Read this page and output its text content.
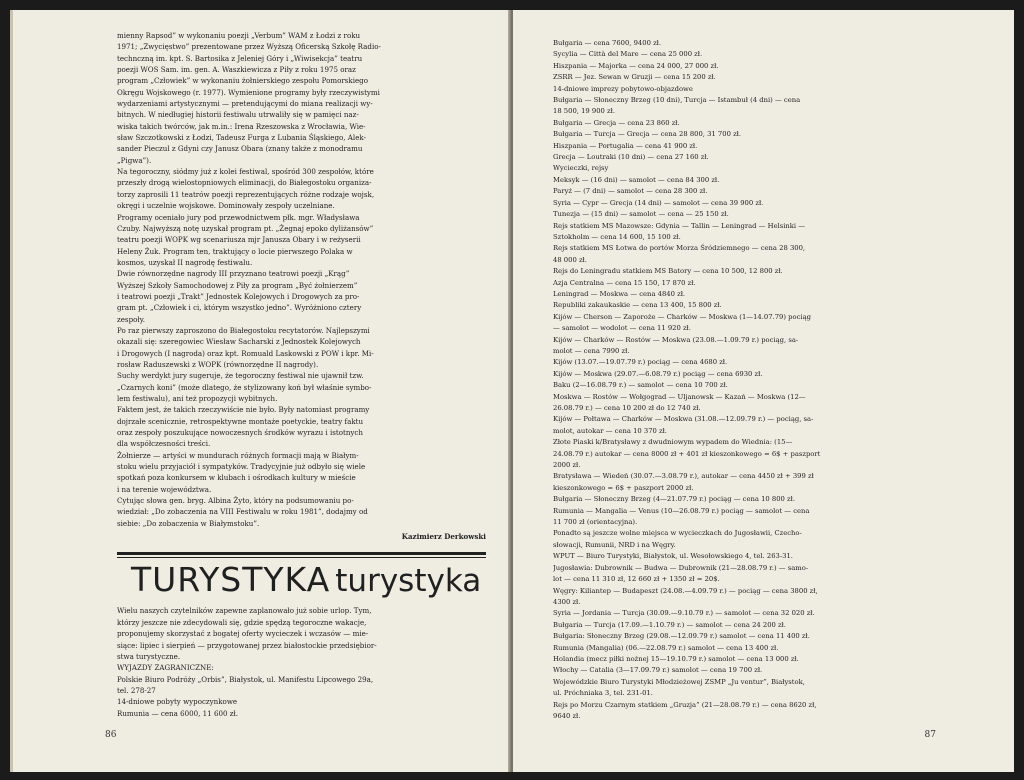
mienny Rapsod” w wykonaniu poezji „Verbum” WAM z Łodzi z roku
1971; „Zwycięstwo” prezentowane przez Wyższą Oficerską Szkołę Radio-
technczną im. kpt. S. Bartosika z Jeleniej Góry i „Wiwisekcja” teatru
poezji WOS Sam. im. gen. A. Waszkiewicza z Piły z roku 1975 oraz
program „Człowiek” w wykonaniu żołnierskiego zespołu Pomorskiego
Okręgu Wojskowego (r. 1977). Wymienione programy były rzeczywistymi
wydarzeniami artystycznymi — pretendującymi do miana realizacji wy-
bitnych. W niedługiej historii festiwalu utrwaliły się w pamięci naz-
wiska takich twórców, jak m.in.: Irena Rzeszowska z Wrocławia, Wie-
sław Szczotkowski z Łodzi, Tadeusz Furga z Lubania Śląskiego, Alek-
sander Pieczul z Gdyni czy Janusz Obara (znany także z monodramu
„Pigwa”).
Na tegoroczny, siódmy już z kolei festiwal, spośród 300 zespołów, które
przeszły drogą wielostopniowych eliminacji, do Białegostoku organiza-
torzy zaprosili 11 teatrów poezji reprezentujących różne rodzaje wojsk,
okręgi i uczelnie wojskowe. Dominowały zespoły uczelniane.
Programy oceniało jury pod przewodnictwem płk. mgr. Władysława
Czuby. Najwyższą notę uzyskał program pt. „Żegnaj epoko dyliżansów”
teatru poezji WOPK wg scenariusza mjr Janusza Obary i w reżyserii
Heleny Żuk. Program ten, traktujący o locie pierwszego Polaka w
kosmos, uzyskał II nagrodę festiwalu.
Dwie równorzędne nagrody III przyznano teatrowi poezji „Krąg”
Wyższej Szkoły Samochodowej z Piły za program „Być żołnierzem”
i teatrowi poezji „Trakt” Jednostek Kolejowych i Drogowych za pro-
gram pt. „Człowiek i ci, którym wszystko jedno”. Wyróżniono cztery
zespoły.
Po raz pierwszy zaproszono do Białegostoku recytatorów. Najlepszymi
okazali się: szeregowiec Wiesław Sacharski z Jednostek Kolejowych
i Drogowych (I nagroda) oraz kpt. Romuald Laskowski z POW i kpr. Mi-
rosław Raduszewski z WOPK (równorzędne II nagrody).
Suchy werdykt jury sugeruje, że tegoroczny festiwal nie ujawnił tzw.
„Czarnych koni” (może dlatego, że stylizowany koń był właśnie symbo-
lem festiwalu), ani też propozycji wybitnych.
Faktem jest, że takich rzeczywiście nie było. Były natomiast programy
dojrzałe scenicznie, retrospektywne montaże poetyckie, teatry faktu
oraz zespoły poszukujące nowoczesnych środków wyrazu i istotnych
dla współczesności treści.
Żołnierze — artyści w mundurach różnych formacji mają w Białym-
stoku wielu przyjaciół i sympatyków. Tradycyjnie już odbyło się wiele
spotkań poza konkursem w klubach i ośrodkach kultury w mieście
i na terenie województwa.
Cytując słowa gen. bryg. Albina Żyto, który na podsumowaniu po-
wiedział: „Do zobaczenia na VIII Festiwalu w roku 1981”, dodajmy od
siebie: „Do zobaczenia w Białymstoku”.
Kazimierz Derkowski
TURYSTYKA turystyka
Wielu naszych czytelników zapewne zaplanowało już sobie urlop. Tym,
którzy jeszcze nie zdecydowali się, gdzie spędzą tegoroczne wakacje,
proponujemy skorzystać z bogatej oferty wycieczek i wczasów — mie-
siące: lipiec i sierpień — przygotowanej przez białostockie przedsiębior-
stwa turystyczne.
WYJAZDY ZAGRANICZNE:
Polskie Biuro Podróży „Orbis”, Białystok, ul. Manifestu Lipcowego 29a,
tel. 278-27
14-dniowe pobyty wypoczynkowe
Rumunia — cena 6000, 11 600 zł.
86
Bułgaria — cena 7600, 9400 zł.
Sycylia — Città del Mare — cena 25 000 zł.
Hiszpania — Majorka — cena 24 000, 27 000 zł.
ZSRR — Jez. Sewan w Gruzji — cena 15 200 zł.
14-dniowe imprezy pobytowo-objazdowe
Bułgaria — Słoneczny Brzeg (10 dni), Turcja — Istambuł (4 dni) — cena
18 500, 19 900 zł.
Bułgaria — Grecja — cena 23 860 zł.
Bułgaria — Turcja — Grecja — cena 28 800, 31 700 zł.
Hiszpania — Portugalia — cena 41 900 zł.
Grecja — Loutraki (10 dni) — cena 27 160 zł.
Wycieczki, rejsy
Meksyk — (16 dni) — samolot — cena 84 300 zł.
Paryż — (7 dni) — samolot — cena 28 300 zł.
Syria — Cypr — Grecja (14 dni) — samolot — cena 39 900 zł.
Tunezja — (15 dni) — samolot — cena — 25 150 zł.
Rejs statkiem MS Mazowsze: Gdynia — Tallin — Leningrad — Helsinki —
Sztokholm — cena 14 600, 15 100 zł.
Rejs statkiem MS Łotwa do portów Morza Śródziemnego — cena 28 300,
48 000 zł.
Rejs do Leningradu statkiem MS Batory — cena 10 500, 12 800 zł.
Azja Centralna — cena 15 150, 17 870 zł.
Leningrad — Moskwa — cena 4840 zł.
Republiki zakaukaskie — cena 13 400, 15 800 zł.
Kijów — Cherson — Zaporoże — Charków — Moskwa (1—14.07.79) pociąg
— samolot — wodolot — cena 11 920 zł.
Kijów — Charków — Rostów — Moskwa (23.08.—1.09.79 r.) pociąg, sa-
molot — cena 7990 zł.
Kijów (13.07.—19.07.79 r.) pociąg — cena 4680 zł.
Kijów — Moskwa (29.07.—6.08.79 r.) pociąg — cena 6930 zł.
Baku (2—16.08.79 r.) — samolot — cena 10 700 zł.
Moskwa — Rostów — Wołgograd — Uljanowsk — Kazań — Moskwa (12—
26.08.79 r.) — cena 10 200 zł do 12 740 zł.
Kijów — Połtawa — Charków — Moskwa (31.08.—12.09.79 r.) — pociąg, sa-
molot, autokar — cena 10 370 zł.
Złote Piaski k/Bratysławy z dwudniowym wypadem do Wiednia: (15—
24.08.79 r.) autokar — cena 8000 zł + 401 zł kieszonkowego = 6$ + paszport
2000 zł.
Bratysława — Wiedeń (30.07.—3.08.79 r.), autokar — cena 4450 zł + 399 zł
kieszonkowego = 6$ + paszport 2000 zł.
Bułgaria — Słoneczny Brzeg (4—21.07.79 r.) pociąg — cena 10 800 zł.
Rumunia — Mangalia — Venus (10—26.08.79 r.) pociąg — samolot — cena
11 700 zł (orientacyjna).
Ponadto są jeszcze wolne miejsca w wycieczkach do Jugosławii, Czecho-
słowacji, Rumunii, NRD i na Węgry.
WPUT — Biuro Turystyki, Białystok, ul. Wesołowskiego 4, tel. 263-31.
Jugosławia: Dubrownik — Budwa — Dubrownik (21—28.08.79 r.) — samo-
lot — cena 11 310 zł, 12 660 zł + 1350 zł = 20$.
Węgry: Kiliantep — Budapeszt (24.08.—4.09.79 r.) — pociąg — cena 3800 zł,
4300 zł.
Syria — Jordania — Turcja (30.09.—9.10.79 r.) — samolot — cena 32 020 zł.
Bułgaria — Turcja (17.09.—1.10.79 r.) — samolot — cena 24 200 zł.
Bułgaria: Słoneczny Brzeg (29.08.—12.09.79 r.) samolot — cena 11 400 zł.
Rumunia (Mangalia) (06.—22.08.79 r.) samolot — cena 13 400 zł.
Holandia (mecz piłki nożnej 15—19.10.79 r.) samolot — cena 13 000 zł.
Włochy — Catalia (3—17.09.79 r.) samolot — cena 19 700 zł.
Wojewódzkie Biuro Turystyki Młodzieżowej ZSMP „Ju ventur”, Białystok,
ul. Próchniaka 3, tel. 231-01.
Rejs po Morzu Czarnym statkiem „Gruzja” (21—28.08.79 r.) — cena 8620 zł,
9640 zł.
87
